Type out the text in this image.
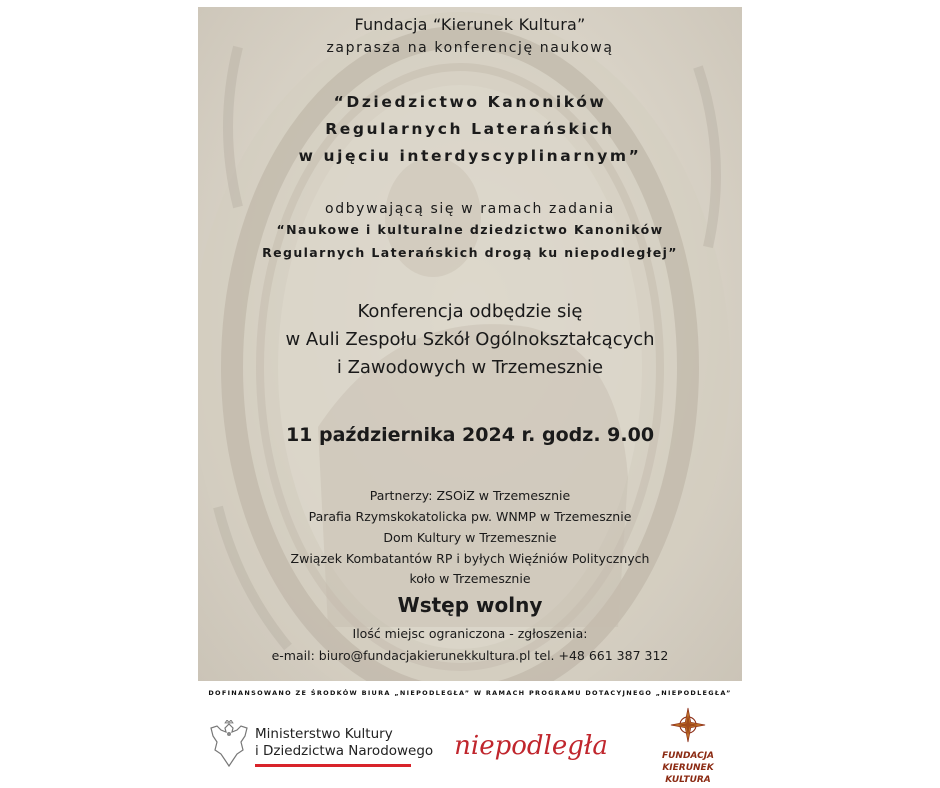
Fundacja “Kierunek Kultura”
zaprasza na konferencję naukową
“Dziedzictwo Kanoników
Regularnych Laterańskich
w ujęciu interdyscyplinarnym”
odbywającą się w ramach zadania
“Naukowe i kulturalne dziedzictwo Kanoników
Regularnych Laterańskich drogą ku niepodległej”
Konferencja odbędzie się
w Auli Zespołu Szkół Ogólnokształcących
i Zawodowych w Trzemesznie
11 października 2024 r. godz. 9.00
Partnerzy: ZSOiZ w Trzemesznie
Parafia Rzymskokatolicka pw. WNMP w Trzemesznie
Dom Kultury w Trzemesznie
Związek Kombatantów RP i byłych Więźniów Politycznych
koło w Trzemesznie
Wstęp wolny
Ilość miejsc ograniczona - zgłoszenia:
e-mail: biuro@fundacjakierunekkultura.pl tel. +48 661 387 312
DOFINANSOWANO ZE ŚRODKÓW BIURA „NIEPODLEGŁA” W RAMACH PROGRAMU DOTACYJNEGO „NIEPODLEGŁA”
Ministerstwo Kultury
i Dziedzictwa Narodowego niepodległa	FUNDACJA
KIERUNEK KULTURA
